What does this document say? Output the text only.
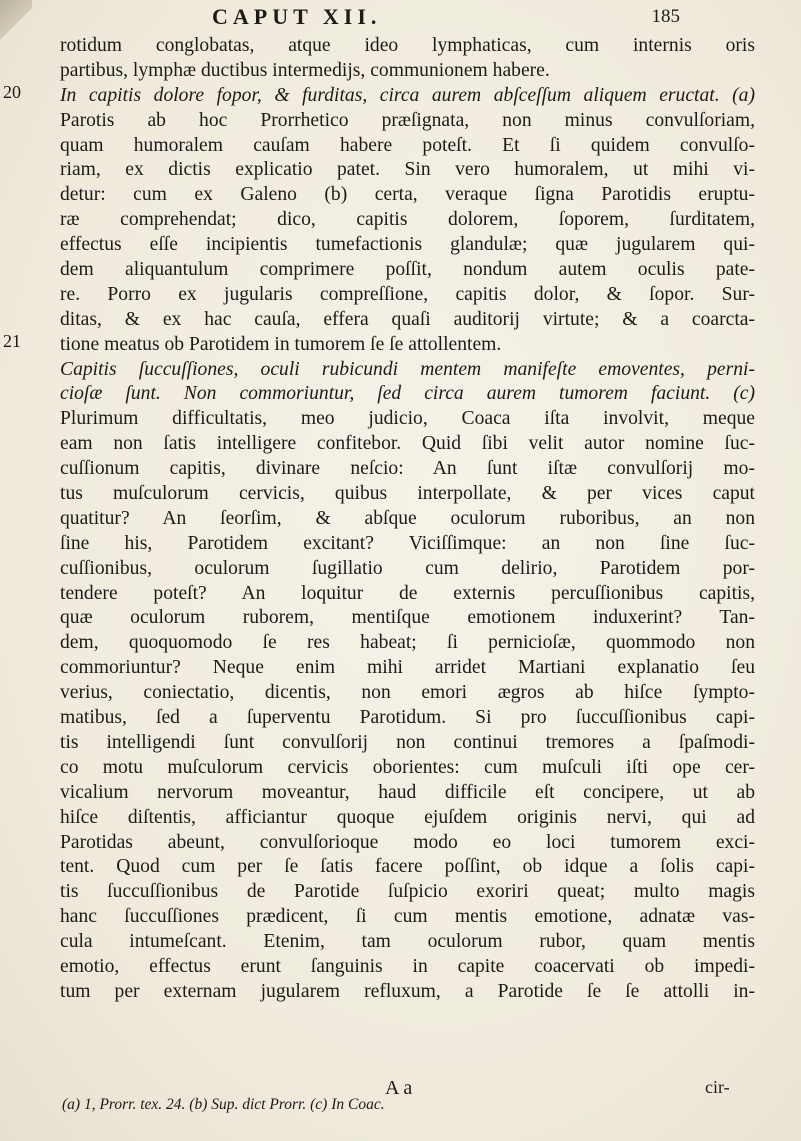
CAPUT XII.	185
20
21
rotidum conglobatas, atque ideo lymphaticas, cum internis oris
partibus, lymphæ ductibus intermedijs, communionem habere.
In capitis dolore fopor, & furditas, circa aurem abſceſſum aliquem eructat. (a)
Parotis ab hoc Prorrhetico præſignata, non minus convulſoriam,
quam humoralem cauſam habere poteſt. Et ſi quidem convulſo-
riam, ex dictis explicatio patet. Sin vero humoralem, ut mihi vi-
detur: cum ex Galeno (b) certa, veraque ſigna Parotidis eruptu-
ræ comprehendat; dico, capitis dolorem, ſoporem, ſurditatem,
effectus eſſe incipientis tumefactionis glandulæ; quæ jugularem qui-
dem aliquantulum comprimere poſſit, nondum autem oculis pate-
re. Porro ex jugularis compreſſione, capitis dolor, & ſopor. Sur-
ditas, & ex hac cauſa, effera quaſi auditorij virtute; & a coarcta-
tione meatus ob Parotidem in tumorem ſe ſe attollentem.
Capitis ſuccuſſiones, oculi rubicundi mentem manifeſte emoventes, perni-
cioſæ ſunt. Non commoriuntur, ſed circa aurem tumorem faciunt. (c)
Plurimum difficultatis, meo judicio, Coaca iſta involvit, meque
eam non ſatis intelligere confitebor. Quid ſibi velit autor nomine ſuc-
cuſſionum capitis, divinare neſcio: An ſunt iſtæ convulſorij mo-
tus muſculorum cervicis, quibus interpollate, & per vices caput
quatitur? An ſeorſim, & abſque oculorum ruboribus, an non
ſine his, Parotidem excitant? Viciſſimque: an non ſine ſuc-
cuſſionibus, oculorum ſugillatio cum delirio, Parotidem por-
tendere poteſt? An loquitur de externis percuſſionibus capitis,
quæ oculorum ruborem, mentiſque emotionem induxerint? Tan-
dem, quoquomodo ſe res habeat; ſi pernicioſæ, quommodo non
commoriuntur? Neque enim mihi arridet Martiani explanatio ſeu
verius, coniectatio, dicentis, non emori ægros ab hiſce ſympto-
matibus, ſed a ſuperventu Parotidum. Si pro ſuccuſſionibus capi-
tis intelligendi ſunt convulſorij non continui tremores a ſpaſmodi-
co motu muſculorum cervicis oborientes: cum muſculi iſti ope cer-
vicalium nervorum moveantur, haud difficile eſt concipere, ut ab
hiſce diſtentis, afficiantur quoque ejuſdem originis nervi, qui ad
Parotidas abeunt, convulſorioque modo eo loci tumorem exci-
tent. Quod cum per ſe ſatis facere poſſint, ob idque a ſolis capi-
tis ſuccuſſionibus de Parotide ſuſpicio exoriri queat; multo magis
hanc ſuccuſſiones prædicent, ſi cum mentis emotione, adnatæ vas-
cula intumeſcant. Etenim, tam oculorum rubor, quam mentis
emotio, effectus erunt ſanguinis in capite coacervati ob impedi-
tum per externam jugularem refluxum, a Parotide ſe ſe attolli in-
A a	cir-
(a) 1, Prorr. tex. 24. (b) Sup. dict Prorr. (c) In Coac.
